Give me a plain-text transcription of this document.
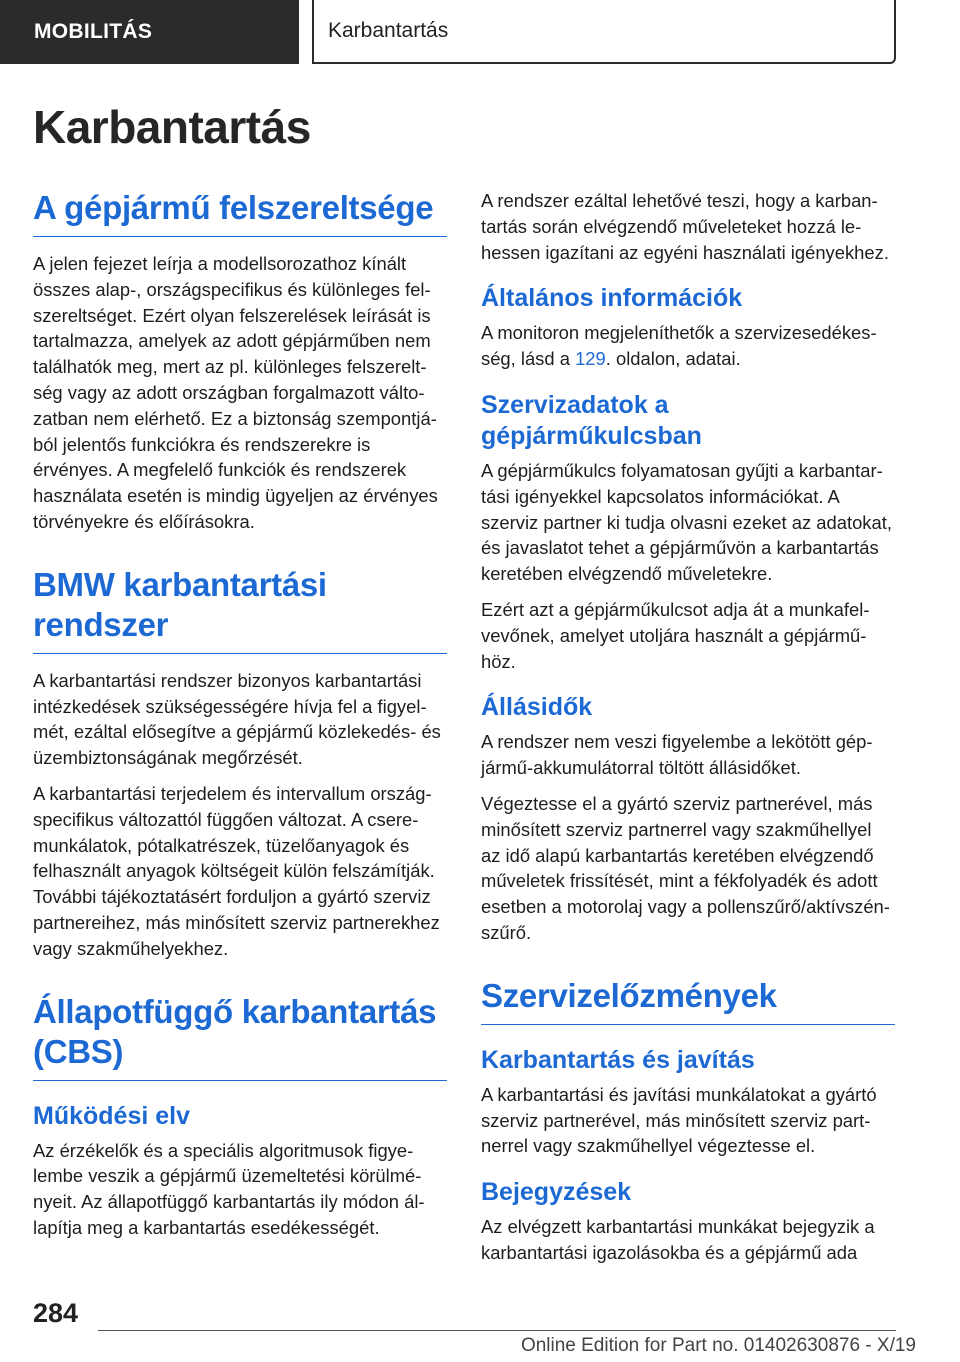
MOBILITÁS	Karbantartás
Karbantartás
A gépjármű felszereltsége

A jelen fejezet leírja a modellsorozathoz kínált összes alap-, országspecifikus és különleges felszereltséget. Ezért olyan felszerelések leírását is tartalmazza, amelyek az adott gépjárműben nem találhatók meg, mert az pl. különleges felszereltség vagy az adott országban forgalmazott változatban nem elérhető. Ez a biztonság szempontjából jelentős funkciókra és rendszerekre is érvényes. A megfelelő funkciók és rendszerek használata esetén is mindig ügyeljen az érvényes törvényekre és előírásokra.

BMW karbantartási rendszer

A karbantartási rendszer bizonyos karbantartási intézkedések szükségességére hívja fel a figyelmét, ezáltal elősegítve a gépjármű közlekedés- és üzembiztonságának megőrzését.

A karbantartási terjedelem és intervallum országspecifikus változattól függően változat. A cseremunkálatok, pótalkatrészek, tüzelőanyagok és felhasznált anyagok költségeit külön felszámítják. További tájékoztatásért forduljon a gyártó szerviz partnereihez, más minősített szerviz partnerekhez vagy szakműhelyekhez.

Állapotfüggő karbantartás (CBS)
Működési elv

Az érzékelők és a speciális algoritmusok figyelembe veszik a gépjármű üzemeltetési körülményeit. Az állapotfüggő karbantartás ily módon állapítja meg a karbantartás esedékességét.

A rendszer ezáltal lehetővé teszi, hogy a karbantartás során elvégzendő műveleteket hozzá lehessen igazítani az egyéni használati igényekhez.

Általános információk

A monitoron megjeleníthetők a szervizesedékesség, lásd a 129. oldalon, adatai.

Szervizadatok a gépjárműkulcsban

A gépjárműkulcs folyamatosan gyűjti a karbantartási igényekkel kapcsolatos információkat. A szerviz partner ki tudja olvasni ezeket az adatokat, és javaslatot tehet a gépjárművön a karbantartás keretében elvégzendő műveletekre.

Ezért azt a gépjárműkulcsot adja át a munkafelvevőnek, amelyet utoljára használt a gépjárműhöz.

Állásidők

A rendszer nem veszi figyelembe a lekötött gépjármű-akkumulátorral töltött állásidőket.

Végeztesse el a gyártó szerviz partnerével, más minősített szerviz partnerrel vagy szakműhellyel az idő alapú karbantartás keretében elvégzendő műveletek frissítését, mint a fékfolyadék és adott esetben a motorolaj vagy a pollenszűrő/aktívszén-szűrő.

Szervizelőzmények
Karbantartás és javítás

A karbantartási és javítási munkálatokat a gyártó szerviz partnerével, más minősített szerviz partnerrel vagy szakműhellyel végeztesse el.

Bejegyzések

Az elvégzett karbantartási munkákat bejegyzik a karbantartási igazolásokba és a gépjármű ada

284
Online Edition for Part no. 01402630876 - X/19
